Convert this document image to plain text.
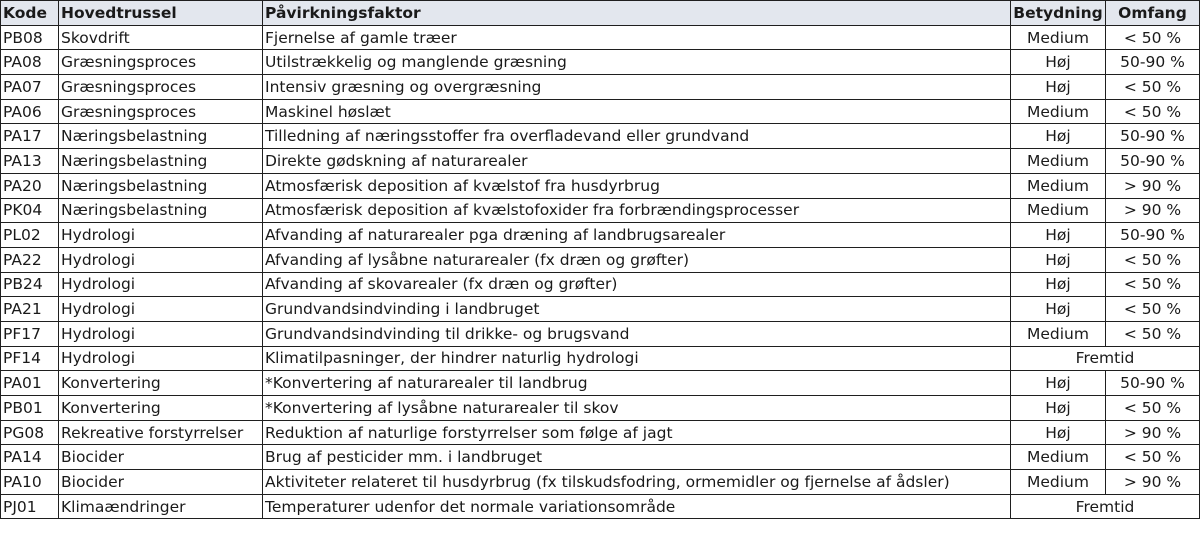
Kode	Hovedtrussel	Påvirkningsfaktor	Betydning	Omfang
PB08	Skovdrift	Fjernelse af gamle træer	Medium	< 50 %
PA08	Græsningsproces	Utilstrækkelig og manglende græsning	Høj	50-90 %
PA07	Græsningsproces	Intensiv græsning og overgræsning	Høj	< 50 %
PA06	Græsningsproces	Maskinel høslæt	Medium	< 50 %
PA17	Næringsbelastning	Tilledning af næringsstoffer fra overfladevand eller grundvand	Høj	50-90 %
PA13	Næringsbelastning	Direkte gødskning af naturarealer	Medium	50-90 %
PA20	Næringsbelastning	Atmosfærisk deposition af kvælstof fra husdyrbrug	Medium	> 90 %
PK04	Næringsbelastning	Atmosfærisk deposition af kvælstofoxider fra forbrændingsprocesser	Medium	> 90 %
PL02	Hydrologi	Afvanding af naturarealer pga dræning af landbrugsarealer	Høj	50-90 %
PA22	Hydrologi	Afvanding af lysåbne naturarealer (fx dræn og grøfter)	Høj	< 50 %
PB24	Hydrologi	Afvanding af skovarealer (fx dræn og grøfter)	Høj	< 50 %
PA21	Hydrologi	Grundvandsindvinding i landbruget	Høj	< 50 %
PF17	Hydrologi	Grundvandsindvinding til drikke- og brugsvand	Medium	< 50 %
PF14	Hydrologi	Klimatilpasninger, der hindrer naturlig hydrologi	Fremtid	
PA01	Konvertering	*Konvertering af naturarealer til landbrug	Høj	50-90 %
PB01	Konvertering	*Konvertering af lysåbne naturarealer til skov	Høj	< 50 %
PG08	Rekreative forstyrrelser	Reduktion af naturlige forstyrrelser som følge af jagt	Høj	> 90 %
PA14	Biocider	Brug af pesticider mm. i landbruget	Medium	< 50 %
PA10	Biocider	Aktiviteter relateret til husdyrbrug (fx tilskudsfodring, ormemidler og fjernelse af ådsler)	Medium	> 90 %
PJ01	Klimaændringer	Temperaturer udenfor det normale variationsområde	Fremtid	
